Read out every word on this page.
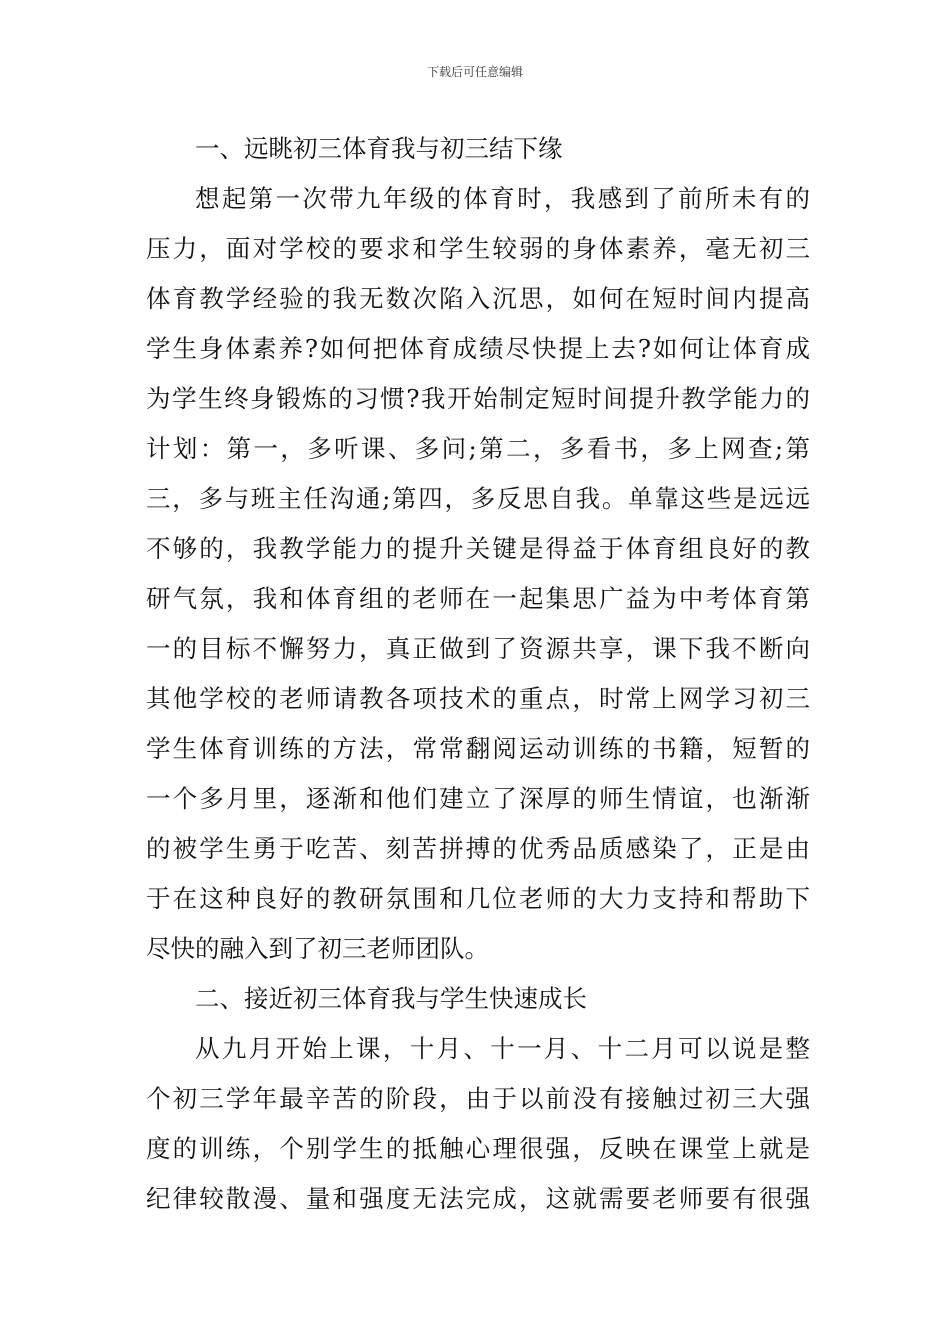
下载后可任意编辑
一、远眺初三体育我与初三结下缘
想起第一次带九年级的体育时，我感到了前所未有的
压力，面对学校的要求和学生较弱的身体素养，毫无初三
体育教学经验的我无数次陷入沉思，如何在短时间内提高
学生身体素养?如何把体育成绩尽快提上去?如何让体育成
为学生终身锻炼的习惯?我开始制定短时间提升教学能力的
计划：第一，多听课、多问;第二，多看书，多上网查;第
三，多与班主任沟通;第四，多反思自我。单靠这些是远远
不够的，我教学能力的提升关键是得益于体育组良好的教
研气氛，我和体育组的老师在一起集思广益为中考体育第
一的目标不懈努力，真正做到了资源共享，课下我不断向
其他学校的老师请教各项技术的重点，时常上网学习初三
学生体育训练的方法，常常翻阅运动训练的书籍，短暂的
一个多月里，逐渐和他们建立了深厚的师生情谊，也渐渐
的被学生勇于吃苦、刻苦拼搏的优秀品质感染了，正是由
于在这种良好的教研氛围和几位老师的大力支持和帮助下
尽快的融入到了初三老师团队。
二、接近初三体育我与学生快速成长
从九月开始上课，十月、十一月、十二月可以说是整
个初三学年最辛苦的阶段，由于以前没有接触过初三大强
度的训练，个别学生的抵触心理很强，反映在课堂上就是
纪律较散漫、量和强度无法完成，这就需要老师要有很强
